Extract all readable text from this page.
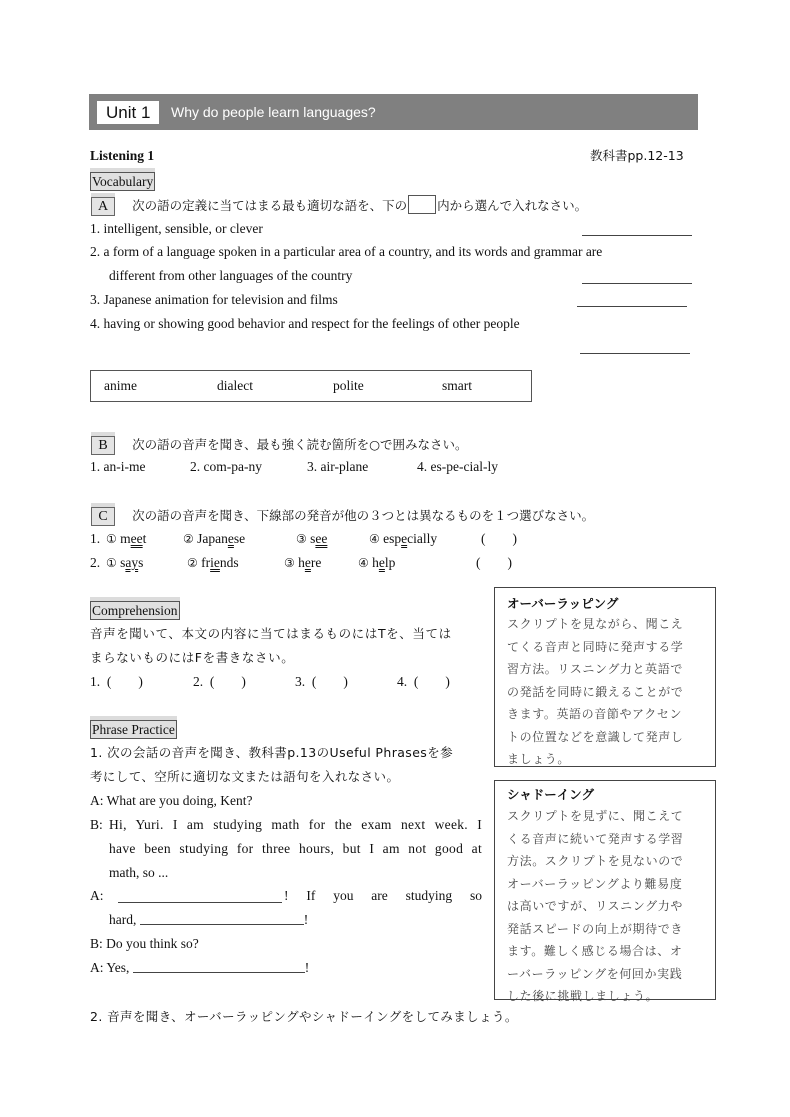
Unit 1	Why do people learn languages?
Listening 1	教科書pp.12-13
Vocabulary
A 次の語の定義に当てはまる最も適切な語を、下の 内から選んで入れなさい。
1. intelligent, sensible, or clever
2. a form of a language spoken in a particular area of a country, and its words and grammar are
different from other languages of the country
3. Japanese animation for television and films
4. having or showing good behavior and respect for the feelings of other people
anime	dialect	polite	smart
B 次の語の音声を聞き、最も強く読む箇所を○で囲みなさい。
1. an-i-me	2. com-pa-ny	3. air-plane	4. es-pe-cial-ly
C 次の語の音声を聞き、下線部の発音が他の３つとは異なるものを１つ選びなさい。
1. ① meet	② Japanese	③ see	④ especially	(　　)
2. ① says	② friends	③ here	④ help	(　　)
Comprehension
音声を聞いて、本文の内容に当てはまるものにはTを、当ては
まらないものにはFを書きなさい。
1. (　　)	2. (　　)	3. (　　)	4. (　　)
Phrase Practice
1. 次の会話の音声を聞き、教科書p.13のUseful Phrasesを参
考にして、空所に適切な文または語句を入れなさい。
A: What are you doing, Kent?
B: Hi, Yuri. I am studying math for the exam next week. I
have been studying for three hours, but I am not good at
math, so ...
A:	! If you are studying so
hard,	!
B: Do you think so?
A: Yes,	!
2. 音声を聞き、オーバーラッピングやシャドーイングをしてみましょう。
オーバーラッピング
スクリプトを見ながら、聞こえ
てくる音声と同時に発声する学
習方法。リスニング力と英語で
の発話を同時に鍛えることがで
きます。英語の音節やアクセン
トの位置などを意識して発声し
ましょう。
シャドーイング
スクリプトを見ずに、聞こえて
くる音声に続いて発声する学習
方法。スクリプトを見ないので
オーバーラッピングより難易度
は高いですが、リスニング力や
発話スピードの向上が期待でき
ます。難しく感じる場合は、オ
ーバーラッピングを何回か実践
した後に挑戦しましょう。
